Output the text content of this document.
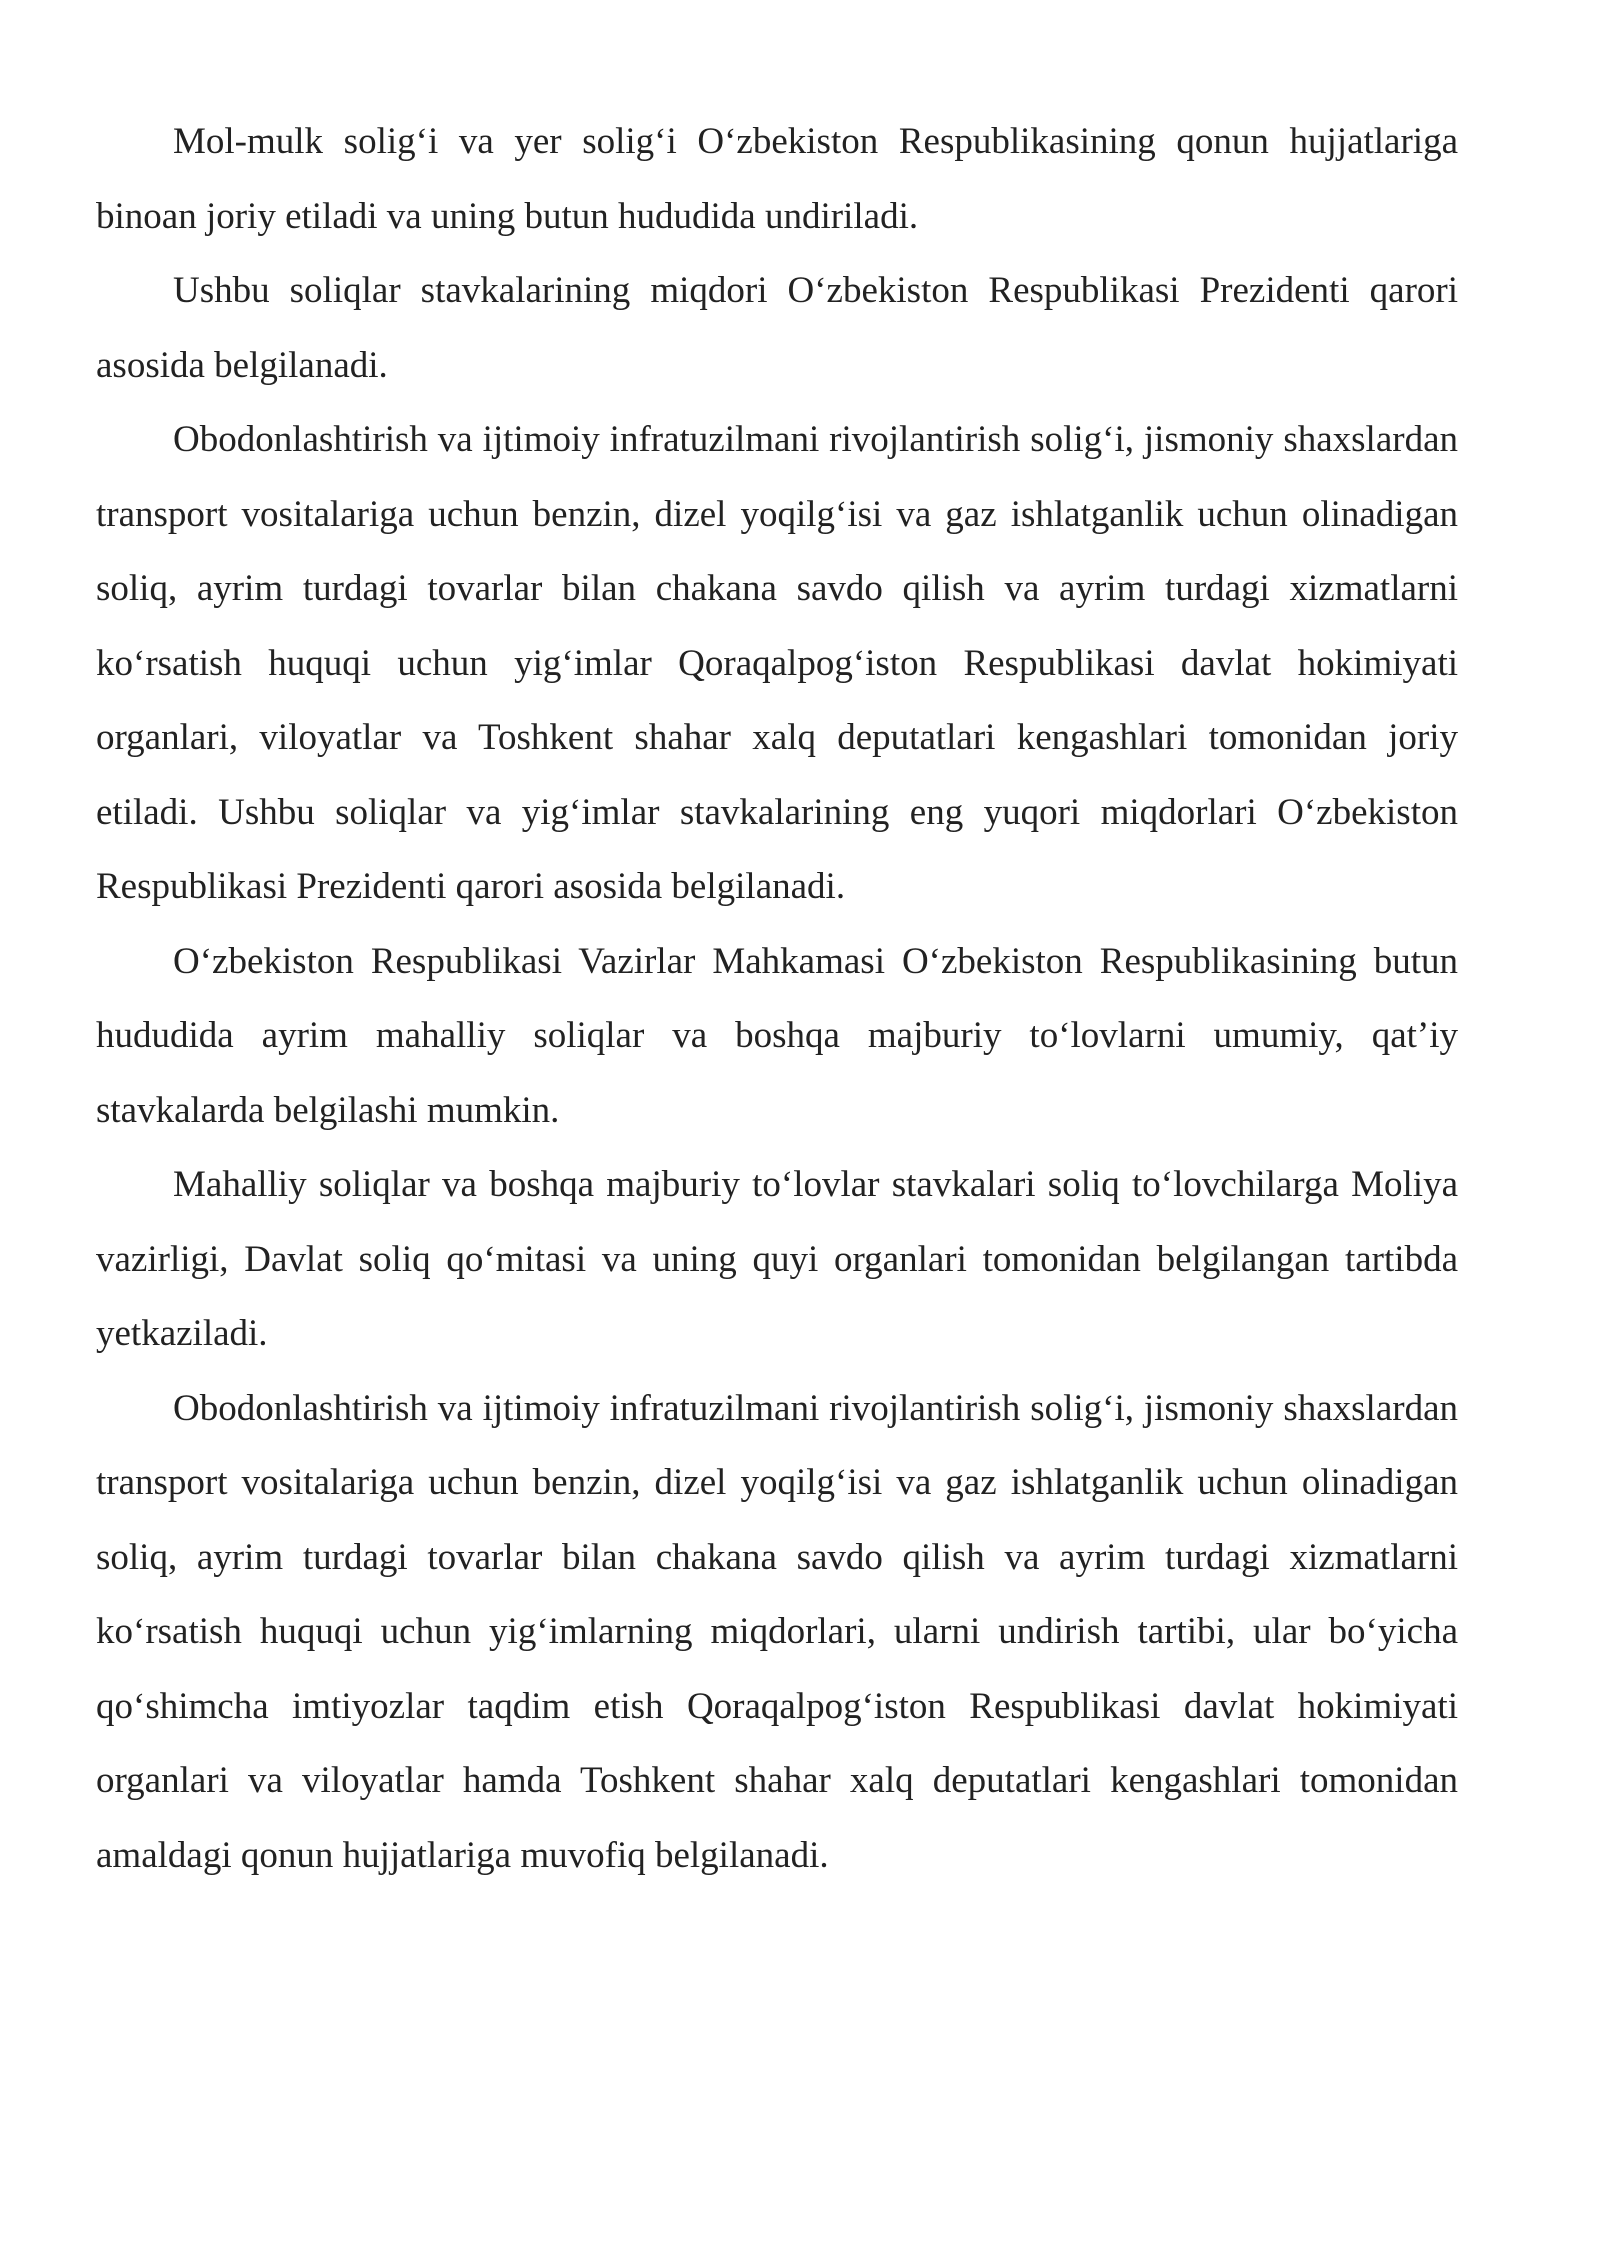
Mol-mulk solig‘i va yer solig‘i O‘zbekiston Respublikasining qonun hujjatlariga binoan joriy etiladi va uning butun hududida undiriladi.

Ushbu soliqlar stavkalarining miqdori O‘zbekiston Respublikasi Prezidenti qarori asosida belgilanadi.

Obodonlashtirish va ijtimoiy infratuzilmani rivojlantirish solig‘i, jismoniy shaxslardan transport vositalariga uchun benzin, dizel yoqilg‘isi va gaz ishlatganlik uchun olinadigan soliq, ayrim turdagi tovarlar bilan chakana savdo qilish va ayrim turdagi xizmatlarni ko‘rsatish huquqi uchun yig‘imlar Qoraqalpog‘iston Respublikasi davlat hokimiyati organlari, viloyatlar va Toshkent shahar xalq deputatlari kengashlari tomonidan joriy etiladi. Ushbu soliqlar va yig‘imlar stavkalarining eng yuqori miqdorlari O‘zbekiston Respublikasi Prezidenti qarori asosida belgilanadi.

O‘zbekiston Respublikasi Vazirlar Mahkamasi O‘zbekiston Respublikasining butun hududida ayrim mahalliy soliqlar va boshqa majburiy to‘lovlarni umumiy, qat’iy stavkalarda belgilashi mumkin.

Mahalliy soliqlar va boshqa majburiy to‘lovlar stavkalari soliq to‘lovchilarga Moliya vazirligi, Davlat soliq qo‘mitasi va uning quyi organlari tomonidan belgilangan tartibda yetkaziladi.

Obodonlashtirish va ijtimoiy infratuzilmani rivojlantirish solig‘i, jismoniy shaxslardan transport vositalariga uchun benzin, dizel yoqilg‘isi va gaz ishlatganlik uchun olinadigan soliq, ayrim turdagi tovarlar bilan chakana savdo qilish va ayrim turdagi xizmatlarni ko‘rsatish huquqi uchun yig‘imlarning miqdorlari, ularni undirish tartibi, ular bo‘yicha qo‘shimcha imtiyozlar taqdim etish Qoraqalpog‘iston Respublikasi davlat hokimiyati organlari va viloyatlar hamda Toshkent shahar xalq deputatlari kengashlari tomonidan amaldagi qonun hujjatlariga muvofiq belgilanadi.
